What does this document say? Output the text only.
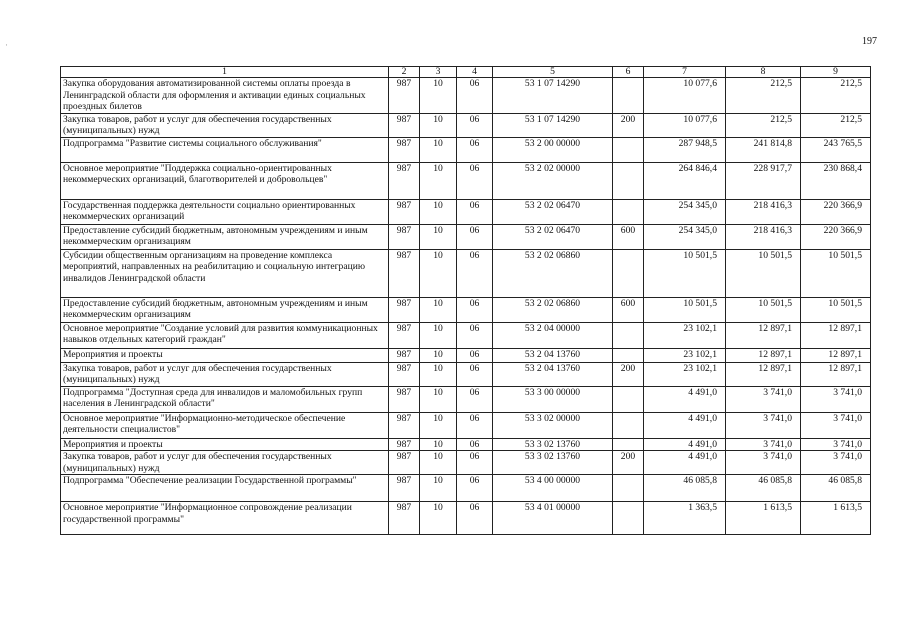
197
·
1	2	3	4	5	6	7	8	9
Закупка оборудования автоматизированной системы оплаты проезда в Ленинградской области для оформления и активации единых социальных проездных билетов	987	10	06	53 1 07 14290		10 077,6	212,5	212,5
Закупка товаров, работ и услуг для обеспечения государственных (муниципальных) нужд	987	10	06	53 1 07 14290	200	10 077,6	212,5	212,5
Подпрограмма "Развитие системы социального обслуживания"	987	10	06	53 2 00 00000		287 948,5	241 814,8	243 765,5
Основное мероприятие "Поддержка социально-ориентированных некоммерческих организаций, благотворителей и добровольцев"	987	10	06	53 2 02 00000		264 846,4	228 917,7	230 868,4
Государственная поддержка деятельности социально ориентированных некоммерческих организаций	987	10	06	53 2 02 06470		254 345,0	218 416,3	220 366,9
Предоставление субсидий бюджетным, автономным учреждениям и иным некоммерческим организациям	987	10	06	53 2 02 06470	600	254 345,0	218 416,3	220 366,9
Субсидии общественным организациям на проведение комплекса мероприятий, направленных на реабилитацию и социальную интеграцию инвалидов Ленинградской области	987	10	06	53 2 02 06860		10 501,5	10 501,5	10 501,5
Предоставление субсидий бюджетным, автономным учреждениям и иным некоммерческим организациям	987	10	06	53 2 02 06860	600	10 501,5	10 501,5	10 501,5
Основное мероприятие "Создание условий для развития коммуникационных навыков отдельных категорий граждан"	987	10	06	53 2 04 00000		23 102,1	12 897,1	12 897,1
Мероприятия и проекты	987	10	06	53 2 04 13760		23 102,1	12 897,1	12 897,1
Закупка товаров, работ и услуг для обеспечения государственных (муниципальных) нужд	987	10	06	53 2 04 13760	200	23 102,1	12 897,1	12 897,1
Подпрограмма "Доступная среда для инвалидов и маломобильных групп населения в Ленинградской области"	987	10	06	53 3 00 00000		4 491,0	3 741,0	3 741,0
Основное мероприятие "Информационно-методическое обеспечение деятельности специалистов"	987	10	06	53 3 02 00000		4 491,0	3 741,0	3 741,0
Мероприятия и проекты	987	10	06	53 3 02 13760		4 491,0	3 741,0	3 741,0
Закупка товаров, работ и услуг для обеспечения государственных (муниципальных) нужд	987	10	06	53 3 02 13760	200	4 491,0	3 741,0	3 741,0
Подпрограмма "Обеспечение реализации Государственной программы"	987	10	06	53 4 00 00000		46 085,8	46 085,8	46 085,8
Основное мероприятие "Информационное сопровождение реализации государственной программы"	987	10	06	53 4 01 00000		1 363,5	1 613,5	1 613,5
